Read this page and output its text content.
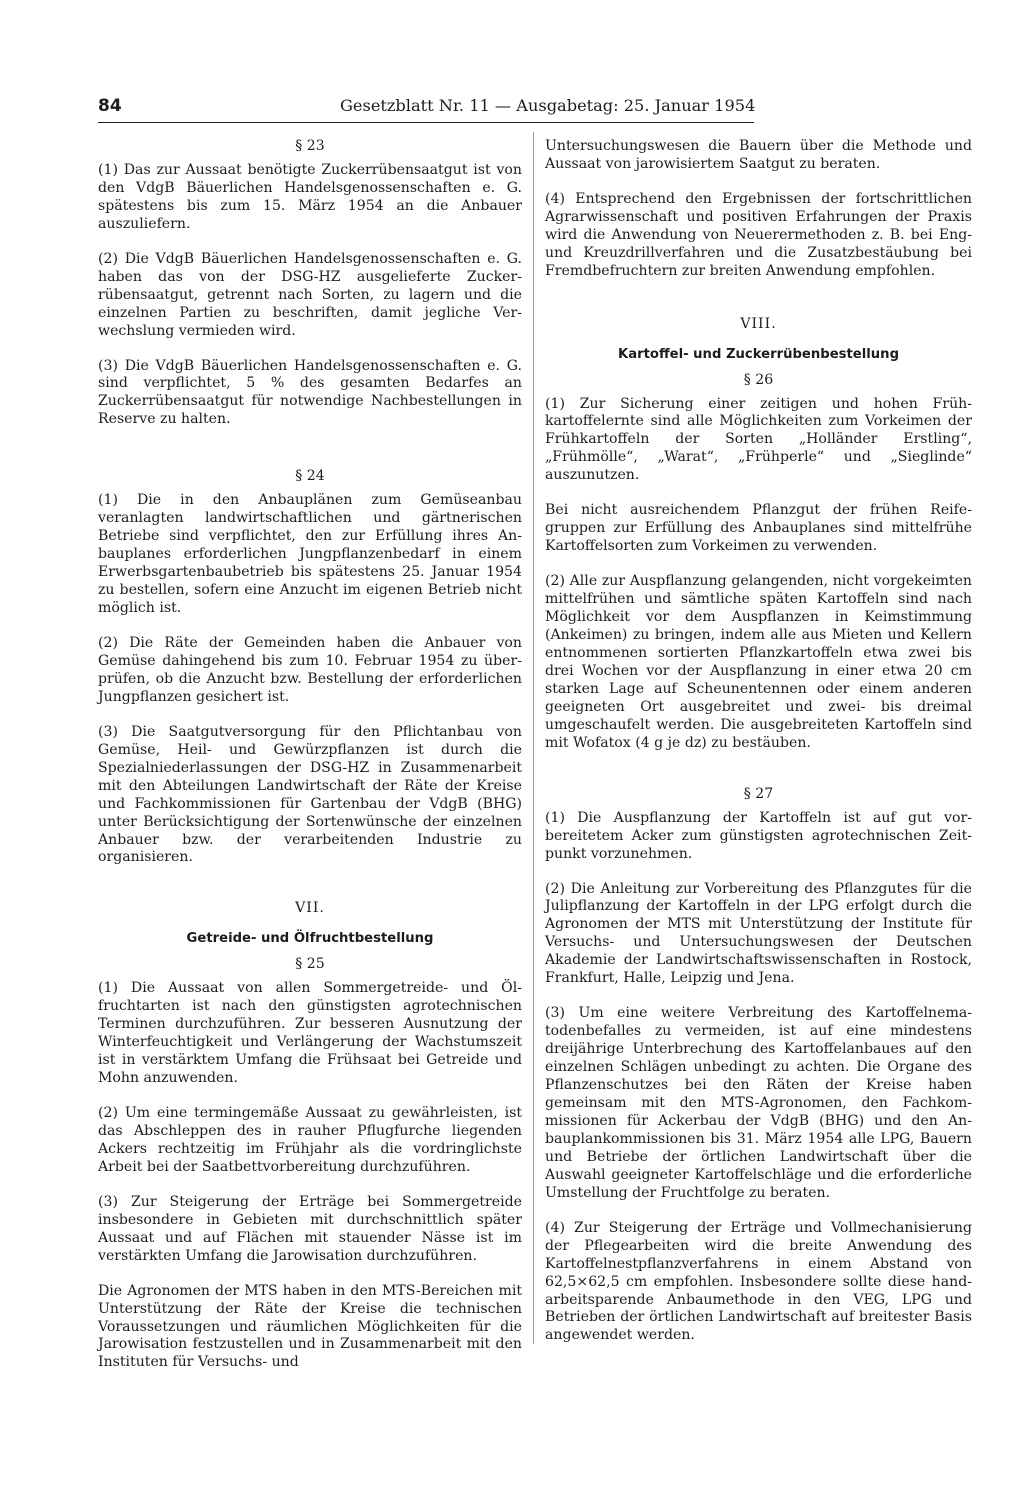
84	Gesetzblatt Nr. 11 — Ausgabetag: 25. Januar 1954
§ 23

(1) Das zur Aussaat benötigte Zuckerrübensaatgut ist von den VdgB Bäuerlichen Handelsgenossenschaften e. G. spätestens bis zum 15. März 1954 an die Anbauer auszuliefern.

(2) Die VdgB Bäuerlichen Handelsgenossenschaften e. G. haben das von der DSG-HZ ausgelieferte Zuckerrübensaatgut, getrennt nach Sorten, zu lagern und die einzelnen Partien zu beschriften, damit jegliche Verwechslung vermieden wird.

(3) Die VdgB Bäuerlichen Handelsgenossenschaften e. G. sind verpflichtet, 5 % des gesamten Bedarfes an Zuckerrübensaatgut für notwendige Nachbestellungen in Reserve zu halten.

§ 24

(1) Die in den Anbauplänen zum Gemüseanbau veranlagten landwirtschaftlichen und gärtnerischen Betriebe sind verpflichtet, den zur Erfüllung ihres Anbauplanes erforderlichen Jungpflanzenbedarf in einem Erwerbsgartenbaubetrieb bis spätestens 25. Januar 1954 zu bestellen, sofern eine Anzucht im eigenen Betrieb nicht möglich ist.

(2) Die Räte der Gemeinden haben die Anbauer von Gemüse dahingehend bis zum 10. Februar 1954 zu überprüfen, ob die Anzucht bzw. Bestellung der erforderlichen Jungpflanzen gesichert ist.

(3) Die Saatgutversorgung für den Pflichtanbau von Gemüse, Heil- und Gewürzpflanzen ist durch die Spezialniederlassungen der DSG-HZ in Zusammenarbeit mit den Abteilungen Landwirtschaft der Räte der Kreise und Fachkommissionen für Gartenbau der VdgB (BHG) unter Berücksichtigung der Sortenwünsche der einzelnen Anbauer bzw. der verarbeitenden Industrie zu organisieren.

VII.
Getreide- und Ölfruchtbestellung
§ 25

(1) Die Aussaat von allen Sommergetreide- und Ölfruchtarten ist nach den günstigsten agrotechnischen Terminen durchzuführen. Zur besseren Ausnutzung der Winterfeuchtigkeit und Verlängerung der Wachstumszeit ist in verstärktem Umfang die Frühsaat bei Getreide und Mohn anzuwenden.

(2) Um eine termingemäße Aussaat zu gewährleisten, ist das Abschleppen des in rauher Pflugfurche liegenden Ackers rechtzeitig im Frühjahr als die vordringlichste Arbeit bei der Saatbettvorbereitung durchzuführen.

(3) Zur Steigerung der Erträge bei Sommergetreide insbesondere in Gebieten mit durchschnittlich später Aussaat und auf Flächen mit stauender Nässe ist im verstärkten Umfang die Jarowisation durchzuführen.

Die Agronomen der MTS haben in den MTS-Bereichen mit Unterstützung der Räte der Kreise die technischen Voraussetzungen und räumlichen Möglichkeiten für die Jarowisation festzustellen und in Zusammenarbeit mit den Instituten für Versuchs- und

Untersuchungswesen die Bauern über die Methode und Aussaat von jarowisiertem Saatgut zu beraten.

(4) Entsprechend den Ergebnissen der fortschrittlichen Agrarwissenschaft und positiven Erfahrungen der Praxis wird die Anwendung von Neuerermethoden z. B. bei Eng- und Kreuzdrillverfahren und die Zusatzbestäubung bei Fremdbefruchtern zur breiten Anwendung empfohlen.

VIII.
Kartoffel- und Zuckerrübenbestellung
§ 26

(1) Zur Sicherung einer zeitigen und hohen Frühkartoffelernte sind alle Möglichkeiten zum Vorkeimen der Frühkartoffeln der Sorten „Holländer Erstling“, „Frühmölle“, „Warat“, „Frühperle“ und „Sieglinde“ auszunutzen.

Bei nicht ausreichendem Pflanzgut der frühen Reifegruppen zur Erfüllung des Anbauplanes sind mittelfrühe Kartoffelsorten zum Vorkeimen zu verwenden.

(2) Alle zur Auspflanzung gelangenden, nicht vorgekeimten mittelfrühen und sämtliche späten Kartoffeln sind nach Möglichkeit vor dem Auspflanzen in Keimstimmung (Ankeimen) zu bringen, indem alle aus Mieten und Kellern entnommenen sortierten Pflanzkartoffeln etwa zwei bis drei Wochen vor der Auspflanzung in einer etwa 20 cm starken Lage auf Scheunentennen oder einem anderen geeigneten Ort ausgebreitet und zwei- bis dreimal umgeschaufelt werden. Die ausgebreiteten Kartoffeln sind mit Wofatox (4 g je dz) zu bestäuben.

§ 27

(1) Die Auspflanzung der Kartoffeln ist auf gut vorbereitetem Acker zum günstigsten agrotechnischen Zeitpunkt vorzunehmen.

(2) Die Anleitung zur Vorbereitung des Pflanzgutes für die Julipflanzung der Kartoffeln in der LPG erfolgt durch die Agronomen der MTS mit Unterstützung der Institute für Versuchs- und Untersuchungswesen der Deutschen Akademie der Landwirtschaftswissenschaften in Rostock, Frankfurt, Halle, Leipzig und Jena.

(3) Um eine weitere Verbreitung des Kartoffelnematodenbefalles zu vermeiden, ist auf eine mindestens dreijährige Unterbrechung des Kartoffelanbaues auf den einzelnen Schlägen unbedingt zu achten. Die Organe des Pflanzenschutzes bei den Räten der Kreise haben gemeinsam mit den MTS-Agronomen, den Fachkommissionen für Ackerbau der VdgB (BHG) und den Anbauplankommissionen bis 31. März 1954 alle LPG, Bauern und Betriebe der örtlichen Landwirtschaft über die Auswahl geeigneter Kartoffelschläge und die erforderliche Umstellung der Fruchtfolge zu beraten.

(4) Zur Steigerung der Erträge und Vollmechanisierung der Pflegearbeiten wird die breite Anwendung des Kartoffelnestpflanzverfahrens in einem Abstand von 62,5×62,5 cm empfohlen. Insbesondere sollte diese handarbeitsparende Anbaumethode in den VEG, LPG und Betrieben der örtlichen Landwirtschaft auf breitester Basis angewendet werden.
